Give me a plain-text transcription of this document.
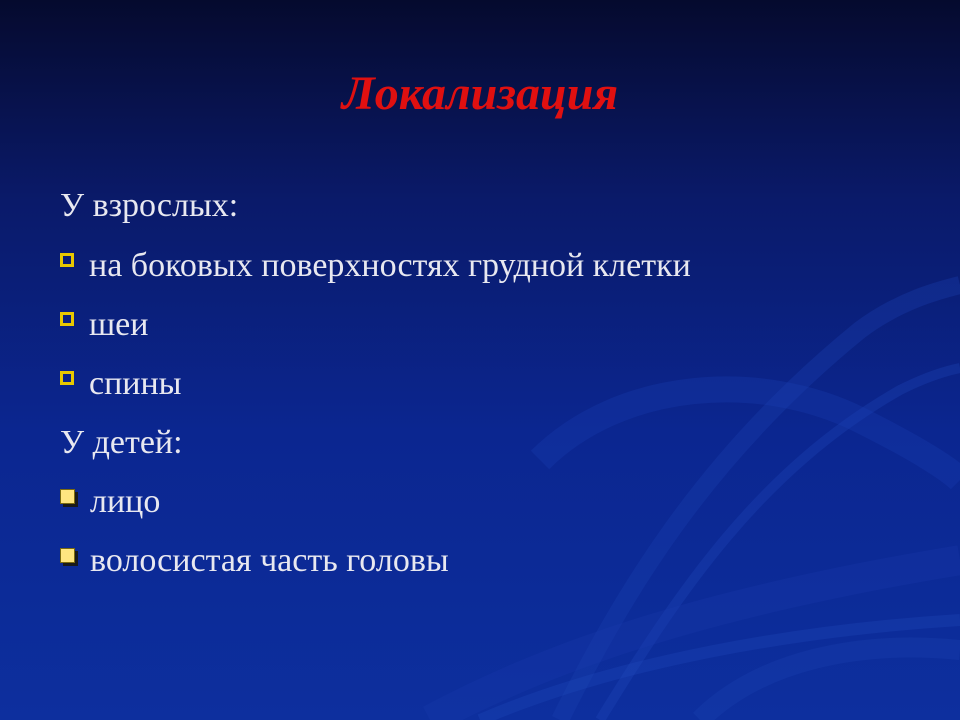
Локализация
У взрослых:
на боковых поверхностях грудной клетки
шеи
спины
У детей:
лицо
волосистая часть головы
